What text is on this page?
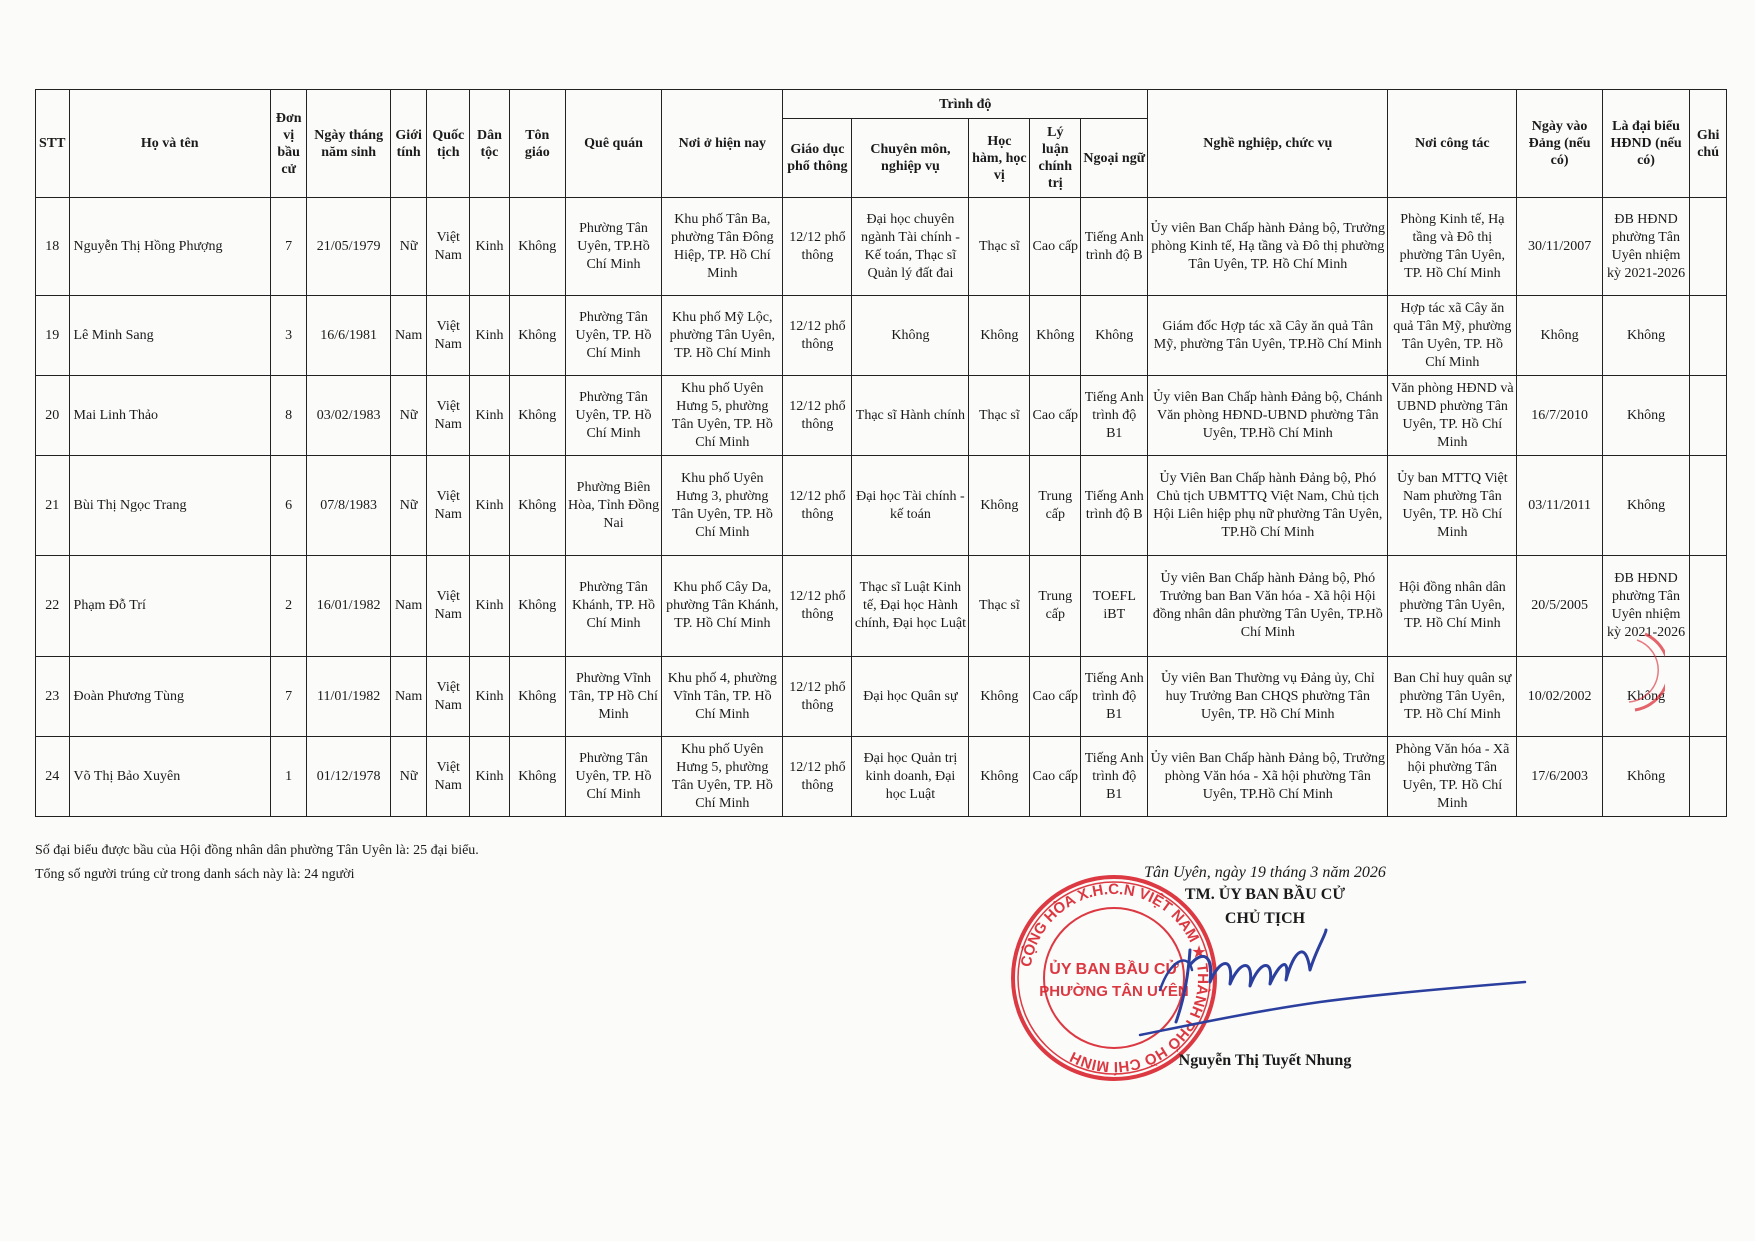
STT	Họ và tên	Đơn vị bầu cử	Ngày tháng năm sinh	Giới tính	Quốc tịch	Dân tộc	Tôn giáo	Quê quán	Nơi ở hiện nay	Trình độ					Nghề nghiệp, chức vụ	Nơi công tác	Ngày vào Đảng (nếu có)	Là đại biểu HĐND (nếu có)	Ghi chú
										Giáo dục phổ thông	Chuyên môn, nghiệp vụ	Học hàm, học vị	Lý luận chính trị	Ngoại ngữ					
18	Nguyễn Thị Hồng Phượng	7	21/05/1979	Nữ	Việt Nam	Kinh	Không	Phường Tân Uyên, TP.Hồ Chí Minh	Khu phố Tân Ba, phường Tân Đông Hiệp, TP. Hồ Chí Minh	12/12 phổ thông	Đại học chuyên ngành Tài chính - Kế toán, Thạc sĩ Quản lý đất đai	Thạc sĩ	Cao cấp	Tiếng Anh trình độ B	Ủy viên Ban Chấp hành Đảng bộ, Trưởng phòng Kinh tế, Hạ tầng và Đô thị phường Tân Uyên, TP. Hồ Chí Minh	Phòng Kinh tế, Hạ tầng và Đô thị phường Tân Uyên, TP. Hồ Chí Minh	30/11/2007	ĐB HĐND phường Tân Uyên nhiệm kỳ 2021-2026	
19	Lê Minh Sang	3	16/6/1981	Nam	Việt Nam	Kinh	Không	Phường Tân Uyên, TP. Hồ Chí Minh	Khu phố Mỹ Lộc, phường Tân Uyên, TP. Hồ Chí Minh	12/12 phổ thông	Không	Không	Không	Không	Giám đốc Hợp tác xã Cây ăn quả Tân Mỹ, phường Tân Uyên, TP.Hồ Chí Minh	Hợp tác xã Cây ăn quả Tân Mỹ, phường Tân Uyên, TP. Hồ Chí Minh	Không	Không	
20	Mai Linh Thảo	8	03/02/1983	Nữ	Việt Nam	Kinh	Không	Phường Tân Uyên, TP. Hồ Chí Minh	Khu phố Uyên Hưng 5, phường Tân Uyên, TP. Hồ Chí Minh	12/12 phổ thông	Thạc sĩ Hành chính	Thạc sĩ	Cao cấp	Tiếng Anh trình độ B1	Ủy viên Ban Chấp hành Đảng bộ, Chánh Văn phòng HĐND-UBND phường Tân Uyên, TP.Hồ Chí Minh	Văn phòng HĐND và UBND phường Tân Uyên, TP. Hồ Chí Minh	16/7/2010	Không	
21	Bùi Thị Ngọc Trang	6	07/8/1983	Nữ	Việt Nam	Kinh	Không	Phường Biên Hòa, Tỉnh Đồng Nai	Khu phố Uyên Hưng 3, phường Tân Uyên, TP. Hồ Chí Minh	12/12 phổ thông	Đại học Tài chính - kế toán	Không	Trung cấp	Tiếng Anh trình độ B	Ủy Viên Ban Chấp hành Đảng bộ, Phó Chủ tịch UBMTTQ Việt Nam, Chủ tịch Hội Liên hiệp phụ nữ phường Tân Uyên, TP.Hồ Chí Minh	Ủy ban MTTQ Việt Nam phường Tân Uyên, TP. Hồ Chí Minh	03/11/2011	Không	
22	Phạm Đỗ Trí	2	16/01/1982	Nam	Việt Nam	Kinh	Không	Phường Tân Khánh, TP. Hồ Chí Minh	Khu phố Cây Da, phường Tân Khánh, TP. Hồ Chí Minh	12/12 phổ thông	Thạc sĩ Luật Kinh tế, Đại học Hành chính, Đại học Luật	Thạc sĩ	Trung cấp	TOEFL iBT	Ủy viên Ban Chấp hành Đảng bộ, Phó Trưởng ban Ban Văn hóa - Xã hội Hội đồng nhân dân phường Tân Uyên, TP.Hồ Chí Minh	Hội đồng nhân dân phường Tân Uyên, TP. Hồ Chí Minh	20/5/2005	ĐB HĐND phường Tân Uyên nhiệm kỳ 2021-2026	
23	Đoàn Phương Tùng	7	11/01/1982	Nam	Việt Nam	Kinh	Không	Phường Vĩnh Tân, TP Hồ Chí Minh	Khu phố 4, phường Vĩnh Tân, TP. Hồ Chí Minh	12/12 phổ thông	Đại học Quân sự	Không	Cao cấp	Tiếng Anh trình độ B1	Ủy viên Ban Thường vụ Đảng ủy, Chỉ huy Trưởng Ban CHQS phường Tân Uyên, TP. Hồ Chí Minh	Ban Chỉ huy quân sự phường Tân Uyên, TP. Hồ Chí Minh	10/02/2002	Không	
24	Võ Thị Bảo Xuyên	1	01/12/1978	Nữ	Việt Nam	Kinh	Không	Phường Tân Uyên, TP. Hồ Chí Minh	Khu phố Uyên Hưng 5, phường Tân Uyên, TP. Hồ Chí Minh	12/12 phổ thông	Đại học Quản trị kinh doanh, Đại học Luật	Không	Cao cấp	Tiếng Anh trình độ B1	Ủy viên Ban Chấp hành Đảng bộ, Trưởng phòng Văn hóa - Xã hội phường Tân Uyên, TP.Hồ Chí Minh	Phòng Văn hóa - Xã hội phường Tân Uyên, TP. Hồ Chí Minh	17/6/2003	Không	
Số đại biểu được bầu của Hội đồng nhân dân phường Tân Uyên là: 25 đại biểu.
Tổng số người trúng cử trong danh sách này là: 24 người
CỘNG HÒA X.H.C.N VIỆT NAM ★ THÀNH PHỐ HỒ CHÍ MINH
ỦY BAN BẦU CỬ
PHƯỜNG TÂN UYÊN
Tân Uyên, ngày 19 tháng 3 năm 2026
TM. ỦY BAN BẦU CỬ
CHỦ TỊCH
Nguyễn Thị Tuyết Nhung
